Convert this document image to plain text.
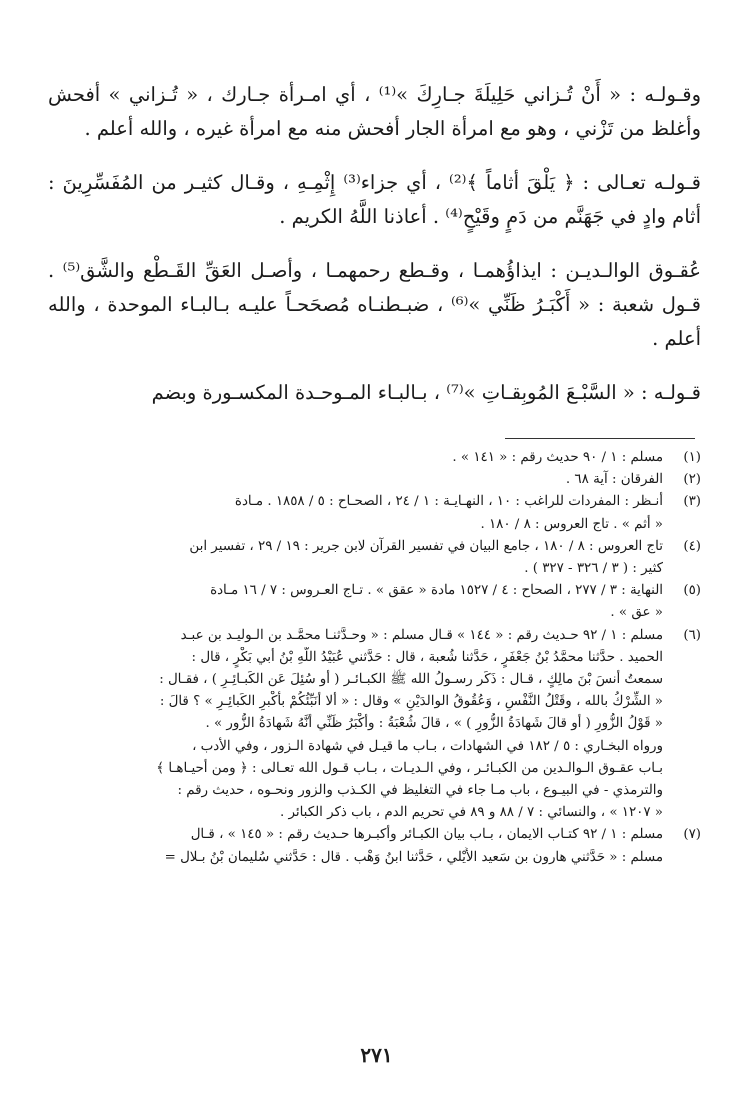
وقـولـه : « أَنْ تُـزاني حَلِيلَةَ جـارِكَ »⁽¹⁾ ، أي امـرأة جـارك ، « تُـزاني » أفحش وأغلظ من تَزْني ، وهو مع امرأة الجار أفحش منه مع امرأة غيره ، والله أعلم .

قـولـه تعـالى : ﴿ يَلْقَ أثاماً ﴾⁽²⁾ ، أي جزاء⁽³⁾ إِثْمِـهِ ، وقـال كثيـر من المُفَسِّرِينَ : أثام وادٍ في جَهَنَّم من دَمٍ وقَيْحٍ⁽⁴⁾ . أعاذنا اللَّهُ الكريم .

عُقـوق الوالـديـن : ايذاؤُهمـا ، وقـطع رحمهمـا ، وأصـل العَقِّ القَـطْع والشَّق⁽⁵⁾ . قـول شعبة : « أَكْبَـرُ ظَنِّي »⁽⁶⁾ ، ضبـطنـاه مُصحَحـاً عليـه بـالبـاء الموحدة ، والله أعلم .

قـولـه : « السَّبْـعَ المُوبِقـاتِ »⁽⁷⁾ ، بـالبـاء المـوحـدة المكسـورة وبضم

(١)
مسلم : ١ / ٩٠ حديث رقم : « ١٤١ » .
(٢)
الفرقان : آية ٦٨ .
(٣)
أنـظر : المفردات للراغب : ١٠ ، النهـايـة : ١ / ٢٤ ، الصحـاح : ٥ / ١٨٥٨ . مـادة
« أثم » . تاج العروس : ٨ / ١٨٠ .
(٤)
تاج العروس : ٨ / ١٨٠ ، جامع البيان في تفسير القرآن لابن جرير : ١٩ / ٢٩ ، تفسير ابن
كثير : ( ٣ / ٣٢٦ - ٣٢٧ ) .
(٥)
النهاية : ٣ / ٢٧٧ ، الصحاح : ٤ / ١٥٢٧ مادة « عقق » . تـاج العـروس : ٧ / ١٦ مـادة
« عق » .
(٦)
مسلم : ١ / ٩٢ حـديث رقم : « ١٤٤ » قـال مسلم : « وحـدَّثنـا محمَّـد بن الـوليـد بن عبـد
الحميد . حدَّثنا محمَّدُ بْنُ جَعْفَرٍ ، حَدَّثنا شُعبة ، قال : حَدَّثني عُبَيْدُ اللَّهِ بْنُ أبي بَكْرٍ ، قال :
سمعتُ أنسَ بْنَ مالِكٍ ، قـال : ذَكَر رسـولُ الله ﷺ الكبـائـر ( أو سُئِلَ عَن الكَبـائِـرِ ) ، فقـال :
« الشِّرْكُ بالله ، وقَتْلُ النَّفْسِ ، وَعُقُوقُ الوالدَيْنِ » وقال : « ألا أُنَبِّئُكُمْ بأكْبرِ الكَبائِـرِ » ؟ قالَ :
« قَوْلُ الزُّورِ ( أو قالَ شَهادَةُ الزُّورِ ) » ، قالَ شُعْبَةُ : وأكْبَرُ ظَنِّي أنَّهُ شَهادَةُ الزُّور » .
ورواه البخـاري : ٥ / ١٨٢ في الشهادات ، بـاب ما قيـل في شهادة الـزور ، وفي الأدب ،
بـاب عقـوق الـوالـدين من الكبـائـر ، وفي الـديـات ، بـاب قـول الله تعـالى : ﴿ ومن أحيـاهـا ﴾
والترمذي - في البيـوع ، باب مـا جاء في التغليظ في الكـذب والزور ونحـوه ، حديث رقم :
« ١٢٠٧ » ، والنسائي : ٧ / ٨٨ و ٨٩ في تحريم الدم ، باب ذكر الكبائر .
(٧)
مسلم : ١ / ٩٢ كتـاب الايمان ، بـاب بيان الكبـائر وأكبـرها حـديث رقم : « ١٤٥ » ، قـال
مسلم : « حَدَّثني هارون بن سَعيد الأَيْلي ، حَدَّثنا ابنُ وَهْب . قال : حَدَّثني سُليمان بْنُ بـلال =
٢٧١
